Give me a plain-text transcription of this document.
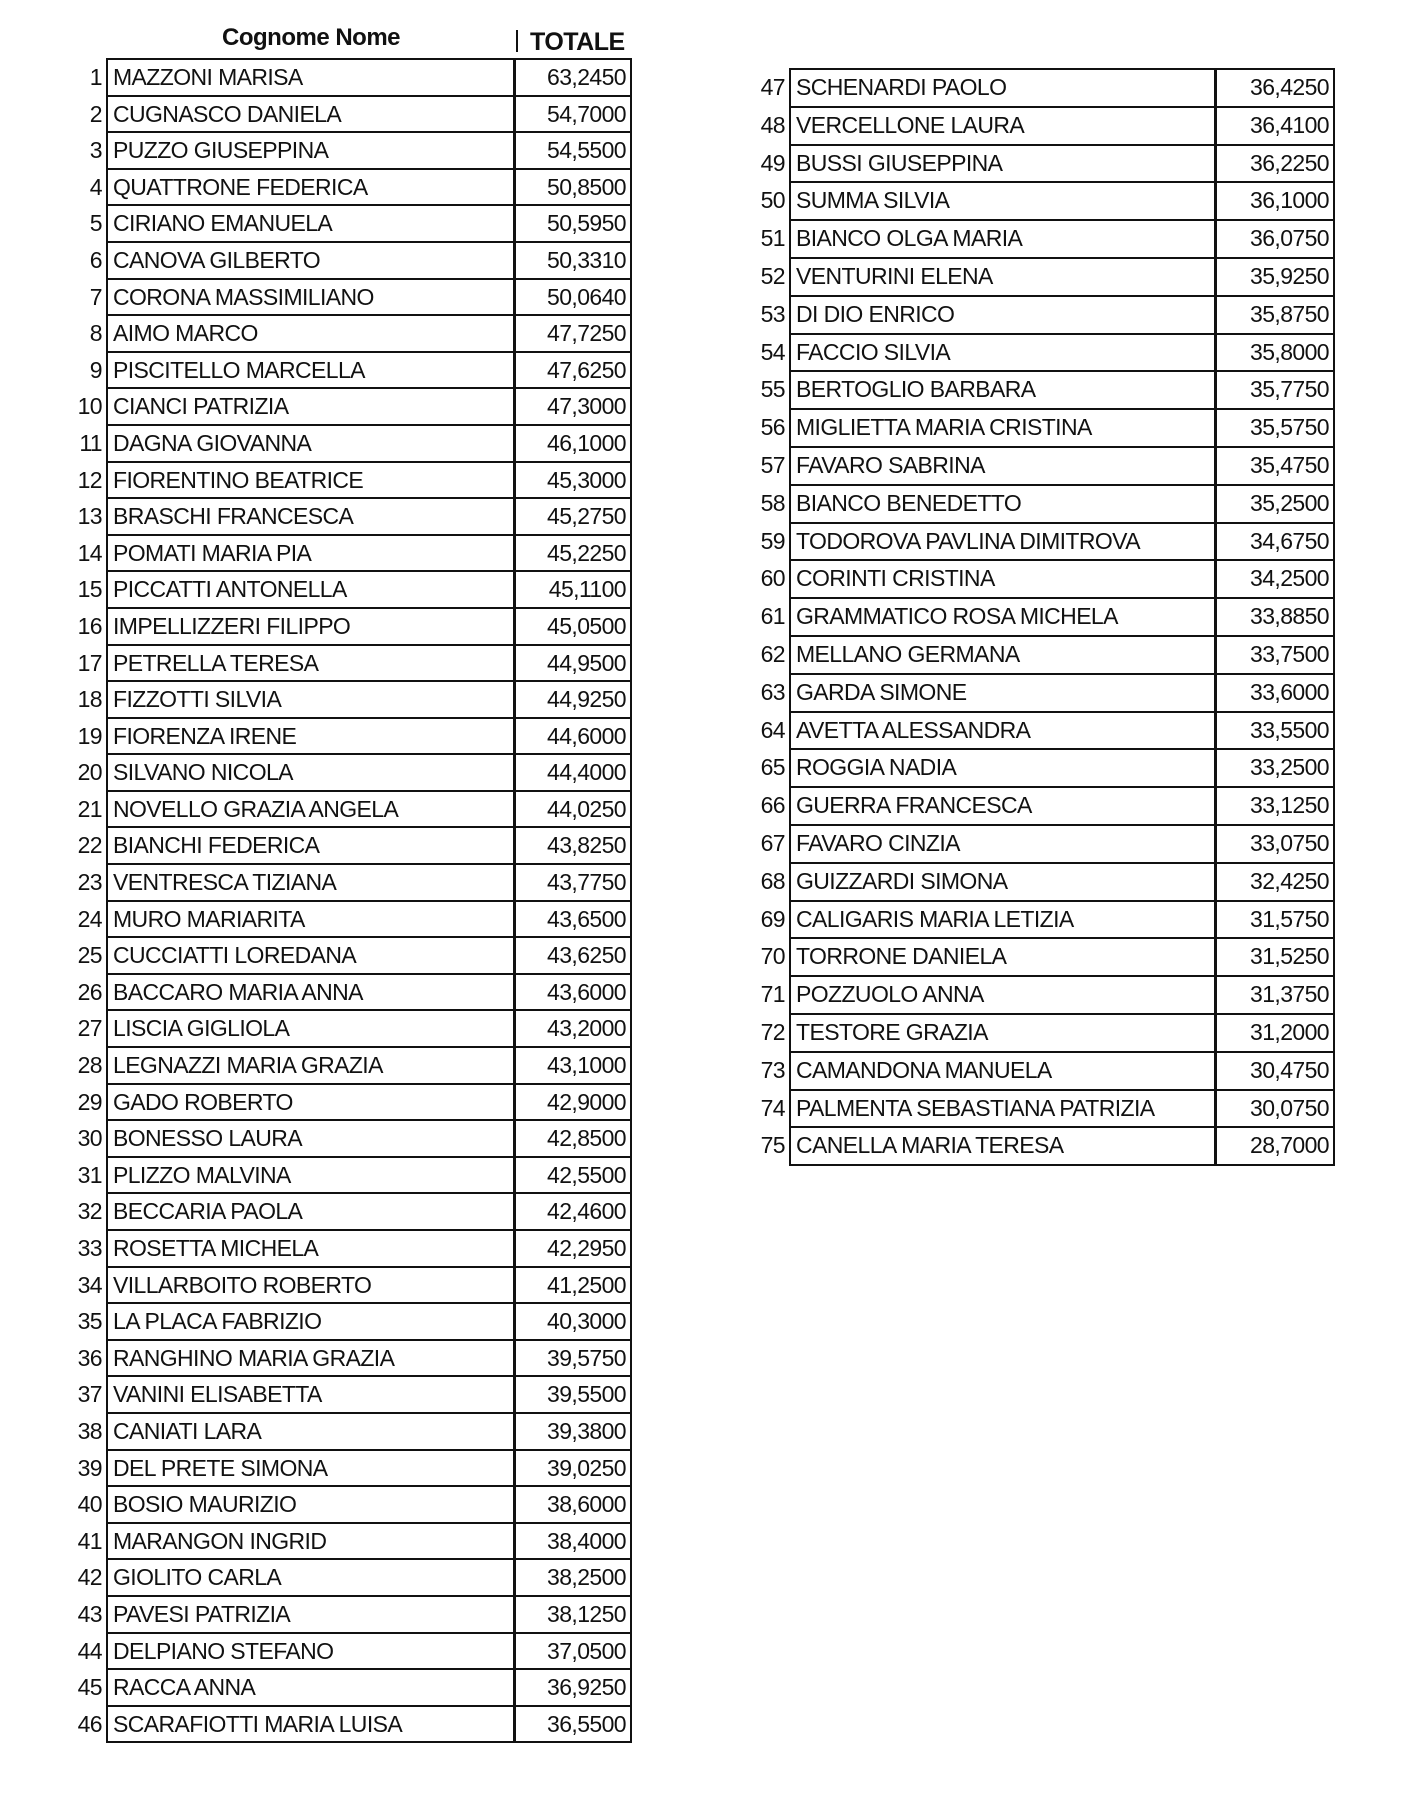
Cognome Nome	TOTALE
1	MAZZONI MARISA	63,2450
2	CUGNASCO DANIELA	54,7000
3	PUZZO GIUSEPPINA	54,5500
4	QUATTRONE FEDERICA	50,8500
5	CIRIANO EMANUELA	50,5950
6	CANOVA GILBERTO	50,3310
7	CORONA MASSIMILIANO	50,0640
8	AIMO MARCO	47,7250
9	PISCITELLO MARCELLA	47,6250
10	CIANCI PATRIZIA	47,3000
11	DAGNA GIOVANNA	46,1000
12	FIORENTINO BEATRICE	45,3000
13	BRASCHI FRANCESCA	45,2750
14	POMATI MARIA PIA	45,2250
15	PICCATTI ANTONELLA	45,1100
16	IMPELLIZZERI FILIPPO	45,0500
17	PETRELLA TERESA	44,9500
18	FIZZOTTI SILVIA	44,9250
19	FIORENZA IRENE	44,6000
20	SILVANO NICOLA	44,4000
21	NOVELLO GRAZIA ANGELA	44,0250
22	BIANCHI FEDERICA	43,8250
23	VENTRESCA TIZIANA	43,7750
24	MURO MARIARITA	43,6500
25	CUCCIATTI LOREDANA	43,6250
26	BACCARO MARIA ANNA	43,6000
27	LISCIA GIGLIOLA	43,2000
28	LEGNAZZI MARIA GRAZIA	43,1000
29	GADO ROBERTO	42,9000
30	BONESSO LAURA	42,8500
31	PLIZZO MALVINA	42,5500
32	BECCARIA PAOLA	42,4600
33	ROSETTA MICHELA	42,2950
34	VILLARBOITO ROBERTO	41,2500
35	LA PLACA FABRIZIO	40,3000
36	RANGHINO MARIA GRAZIA	39,5750
37	VANINI ELISABETTA	39,5500
38	CANIATI LARA	39,3800
39	DEL PRETE SIMONA	39,0250
40	BOSIO MAURIZIO	38,6000
41	MARANGON INGRID	38,4000
42	GIOLITO CARLA	38,2500
43	PAVESI PATRIZIA	38,1250
44	DELPIANO STEFANO	37,0500
45	RACCA ANNA	36,9250
46	SCARAFIOTTI MARIA LUISA	36,5500
47	SCHENARDI PAOLO	36,4250
48	VERCELLONE LAURA	36,4100
49	BUSSI GIUSEPPINA	36,2250
50	SUMMA SILVIA	36,1000
51	BIANCO OLGA MARIA	36,0750
52	VENTURINI ELENA	35,9250
53	DI DIO ENRICO	35,8750
54	FACCIO SILVIA	35,8000
55	BERTOGLIO BARBARA	35,7750
56	MIGLIETTA MARIA CRISTINA	35,5750
57	FAVARO SABRINA	35,4750
58	BIANCO BENEDETTO	35,2500
59	TODOROVA PAVLINA DIMITROVA	34,6750
60	CORINTI CRISTINA	34,2500
61	GRAMMATICO ROSA MICHELA	33,8850
62	MELLANO GERMANA	33,7500
63	GARDA SIMONE	33,6000
64	AVETTA ALESSANDRA	33,5500
65	ROGGIA NADIA	33,2500
66	GUERRA FRANCESCA	33,1250
67	FAVARO CINZIA	33,0750
68	GUIZZARDI SIMONA	32,4250
69	CALIGARIS MARIA LETIZIA	31,5750
70	TORRONE DANIELA	31,5250
71	POZZUOLO ANNA	31,3750
72	TESTORE GRAZIA	31,2000
73	CAMANDONA MANUELA	30,4750
74	PALMENTA SEBASTIANA PATRIZIA	30,0750
75	CANELLA MARIA TERESA	28,7000
